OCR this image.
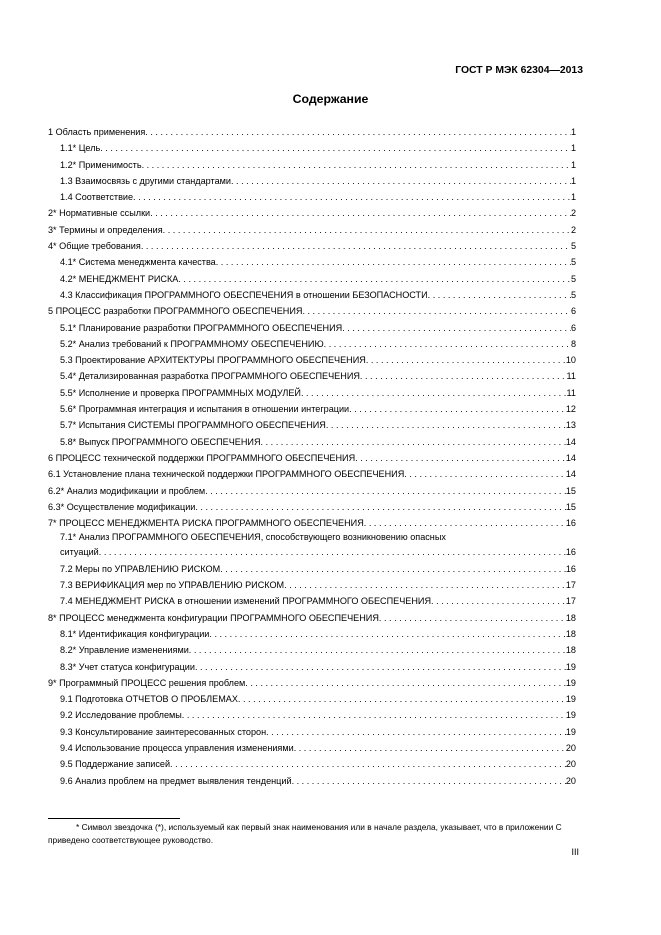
ГОСТ Р МЭК 62304—2013
Содержание
1 Область применения . . .	1
1.1* Цель . . .	1
1.2* Применимость . . .	1
1.3 Взаимосвязь с другими стандартами . . .	1
1.4 Соответствие . . .	1
2* Нормативные ссылки . . .	2
3* Термины и определения . . .	2
4* Общие требования . . .	5
4.1* Система менеджмента качества . . .	5
4.2* МЕНЕДЖМЕНТ РИСКА . . .	5
4.3 Классификация ПРОГРАММНОГО ОБЕСПЕЧЕНИЯ в отношении БЕЗОПАСНОСТИ . . .	5
5 ПРОЦЕСС разработки ПРОГРАММНОГО ОБЕСПЕЧЕНИЯ . . .	6
5.1* Планирование разработки ПРОГРАММНОГО ОБЕСПЕЧЕНИЯ . . .	6
5.2* Анализ требований к ПРОГРАММНОМУ ОБЕСПЕЧЕНИЮ . . .	8
5.3 Проектирование АРХИТЕКТУРЫ ПРОГРАММНОГО ОБЕСПЕЧЕНИЯ . . .	10
5.4* Детализированная разработка ПРОГРАММНОГО ОБЕСПЕЧЕНИЯ . . .	11
5.5* Исполнение и проверка ПРОГРАММНЫХ МОДУЛЕЙ . . .	11
5.6* Программная интеграция и испытания в отношении интеграции . . .	12
5.7* Испытания СИСТЕМЫ ПРОГРАММНОГО ОБЕСПЕЧЕНИЯ . . .	13
5.8* Выпуск ПРОГРАММНОГО ОБЕСПЕЧЕНИЯ . . .	14
6 ПРОЦЕСС технической поддержки ПРОГРАММНОГО ОБЕСПЕЧЕНИЯ . . .	14
6.1 Установление плана технической поддержки ПРОГРАММНОГО ОБЕСПЕЧЕНИЯ . . .	14
6.2* Анализ модификации и проблем . . .	15
6.3* Осуществление модификации . . .	15
7* ПРОЦЕСС МЕНЕДЖМЕНТА РИСКА ПРОГРАММНОГО ОБЕСПЕЧЕНИЯ . . .	16
7.1* Анализ ПРОГРАММНОГО ОБЕСПЕЧЕНИЯ, способствующего возникновению опасных
ситуаций . . .	16
7.2 Меры по УПРАВЛЕНИЮ РИСКОМ . . .	16
7.3 ВЕРИФИКАЦИЯ мер по УПРАВЛЕНИЮ РИСКОМ . . .	17
7.4 МЕНЕДЖМЕНТ РИСКА в отношении изменений ПРОГРАММНОГО ОБЕСПЕЧЕНИЯ . . .	17
8* ПРОЦЕСС менеджмента конфигурации ПРОГРАММНОГО ОБЕСПЕЧЕНИЯ . . .	18
8.1* Идентификация конфигурации . . .	18
8.2* Управление изменениями . . .	18
8.3* Учет статуса конфигурации . . .	19
9* Программный ПРОЦЕСС решения проблем . . .	19
9.1 Подготовка ОТЧЕТОВ О ПРОБЛЕМАХ . . .	19
9.2 Исследование проблемы . . .	19
9.3 Консультирование заинтересованных сторон . . .	19
9.4 Использование процесса управления изменениями . . .	20
9.5 Поддержание записей . . .	20
9.6 Анализ проблем на предмет выявления тенденций . . .	20
* Символ звездочка (*), используемый как первый знак наименования или в начале раздела, указывает, что в приложении С приведено соответствующее руководство.
III
